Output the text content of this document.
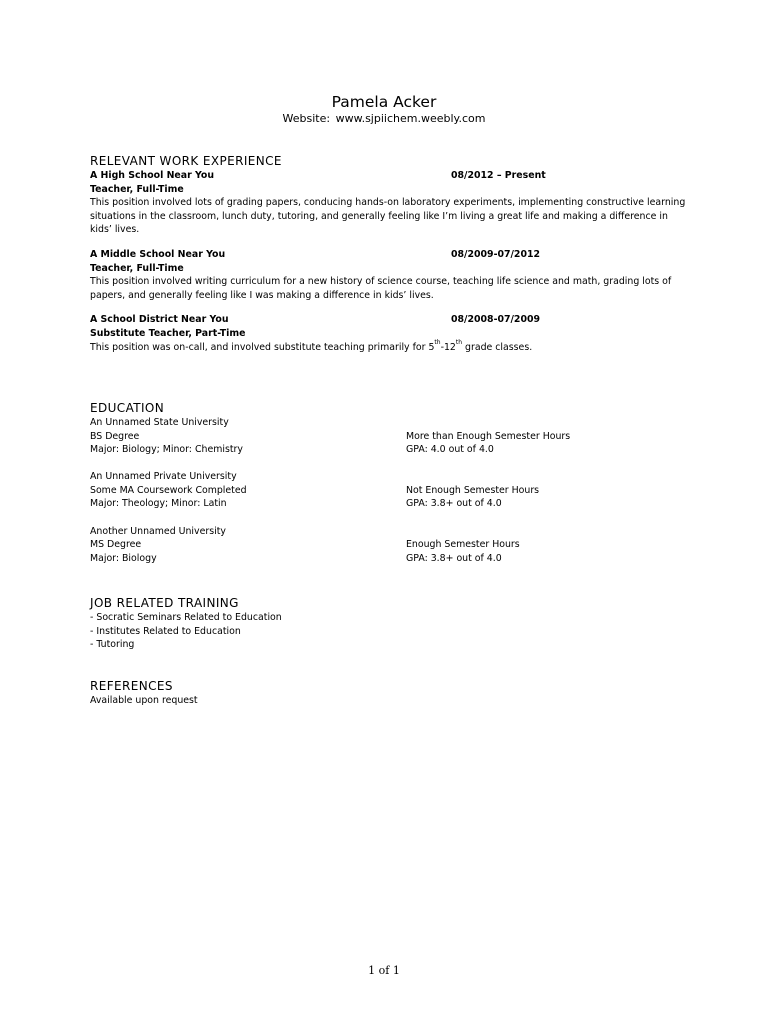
Pamela Acker
Website: www.sjpiichem.weebly.com
RELEVANT WORK EXPERIENCE
A High School Near You	08/2012 – Present
Teacher, Full-Time
This position involved lots of grading papers, conducing hands-on laboratory experiments, implementing constructive learning situations in the classroom, lunch duty, tutoring, and generally feeling like I’m living a great life and making a difference in kids’ lives.
A Middle School Near You	08/2009-07/2012
Teacher, Full-Time
This position involved writing curriculum for a new history of science course, teaching life science and math, grading lots of papers, and generally feeling like I was making a difference in kids’ lives.
A School District Near You	08/2008-07/2009
Substitute Teacher, Part-Time
This position was on-call, and involved substitute teaching primarily for 5th-12th grade classes.
EDUCATION
An Unnamed State University
BS Degree	More than Enough Semester Hours
Major: Biology; Minor: Chemistry	GPA: 4.0 out of 4.0
An Unnamed Private University
Some MA Coursework Completed	Not Enough Semester Hours
Major: Theology; Minor: Latin	GPA: 3.8+ out of 4.0
Another Unnamed University
MS Degree	Enough Semester Hours
Major: Biology	GPA: 3.8+ out of 4.0
JOB RELATED TRAINING
- Socratic Seminars Related to Education
- Institutes Related to Education
- Tutoring
REFERENCES
Available upon request
1 of 1
